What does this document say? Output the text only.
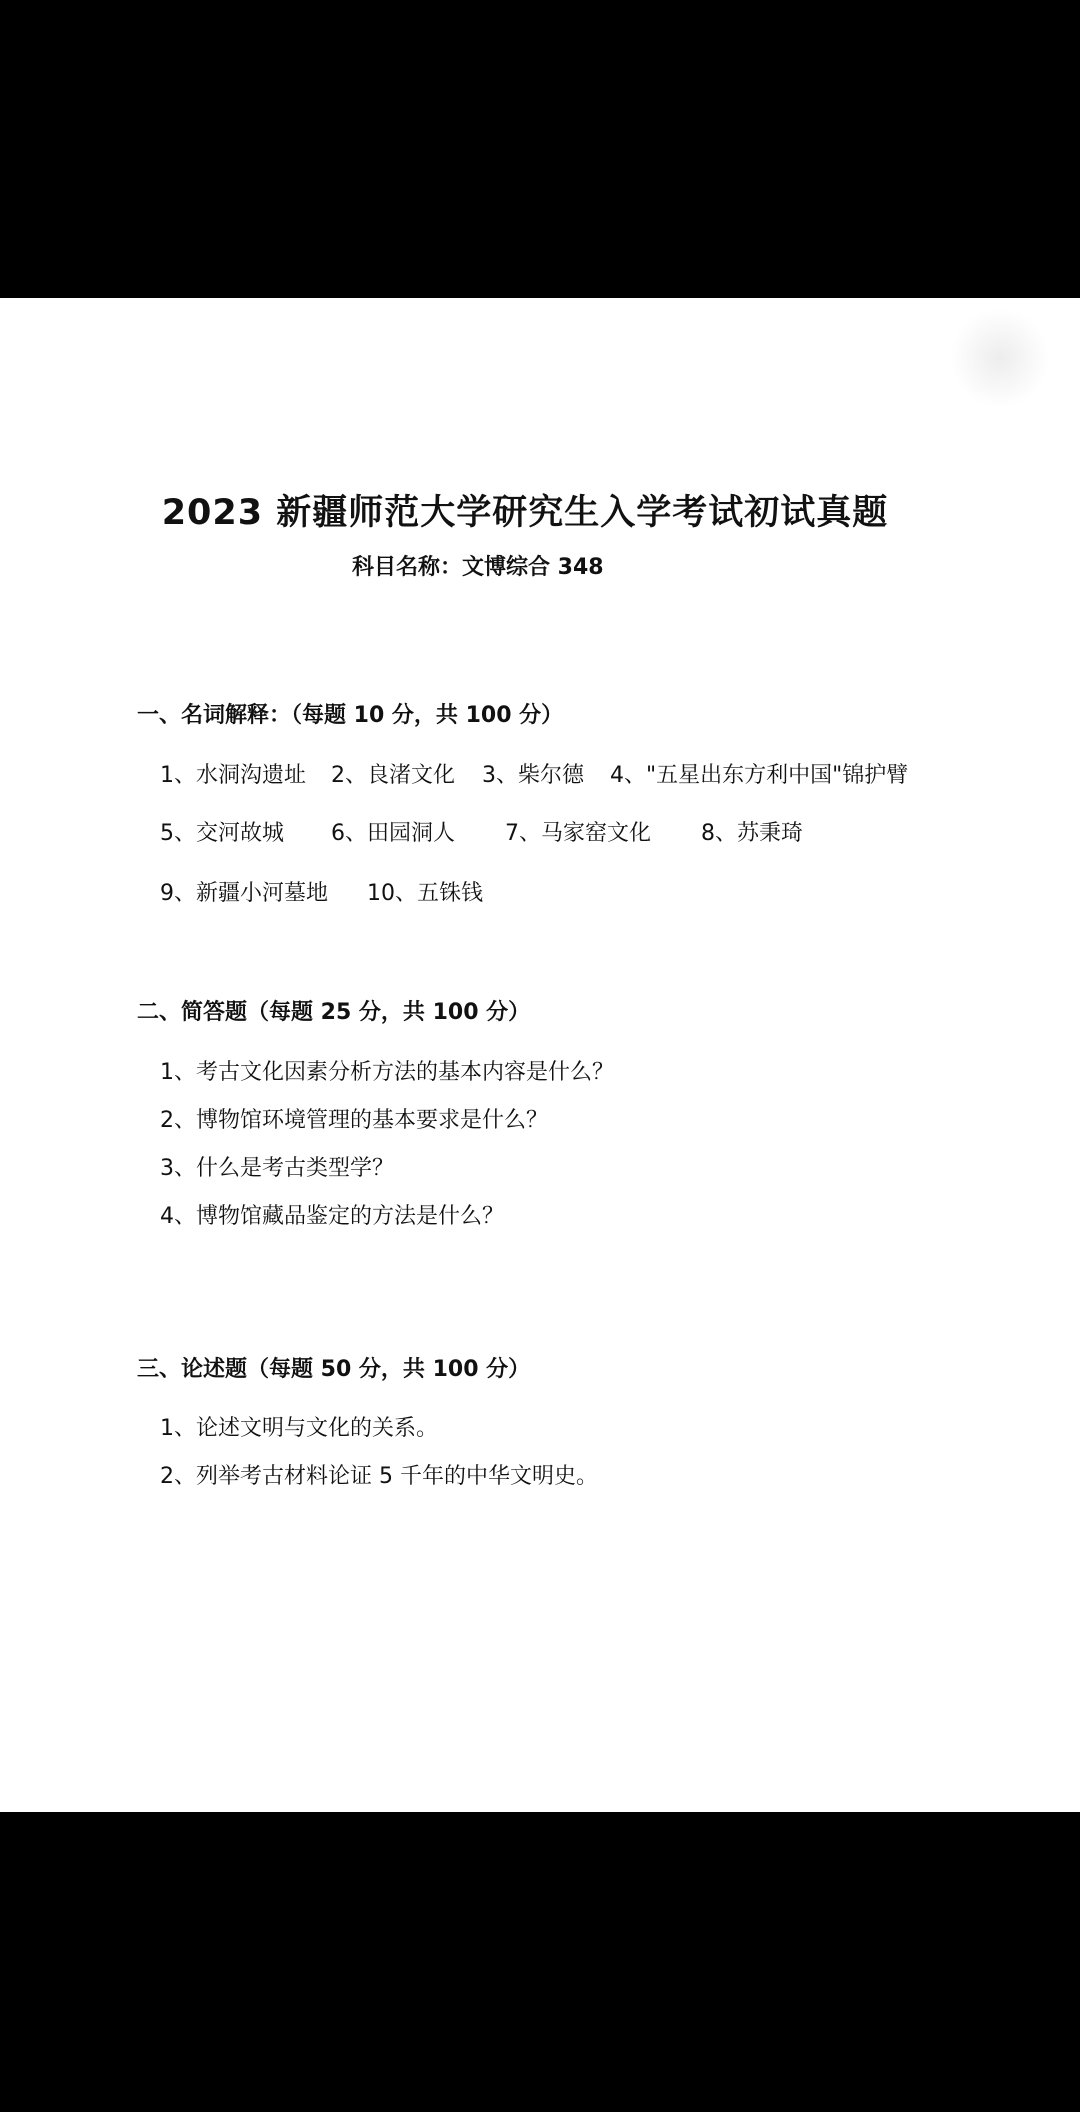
2023 新疆师范大学研究生入学考试初试真题
科目名称：文博综合 348
一、名词解释：（每题 10 分，共 100 分）
1、水洞沟遗址 2、良渚文化 3、柴尔德 4、"五星出东方利中国"锦护臂
5、交河故城 6、田园洞人 7、马家窑文化 8、苏秉琦
9、新疆小河墓地 10、五铢钱
二、简答题（每题 25 分，共 100 分）
1、考古文化因素分析方法的基本内容是什么？
2、博物馆环境管理的基本要求是什么？
3、什么是考古类型学？
4、博物馆藏品鉴定的方法是什么？
三、论述题（每题 50 分，共 100 分）
1、论述文明与文化的关系。
2、列举考古材料论证 5 千年的中华文明史。
